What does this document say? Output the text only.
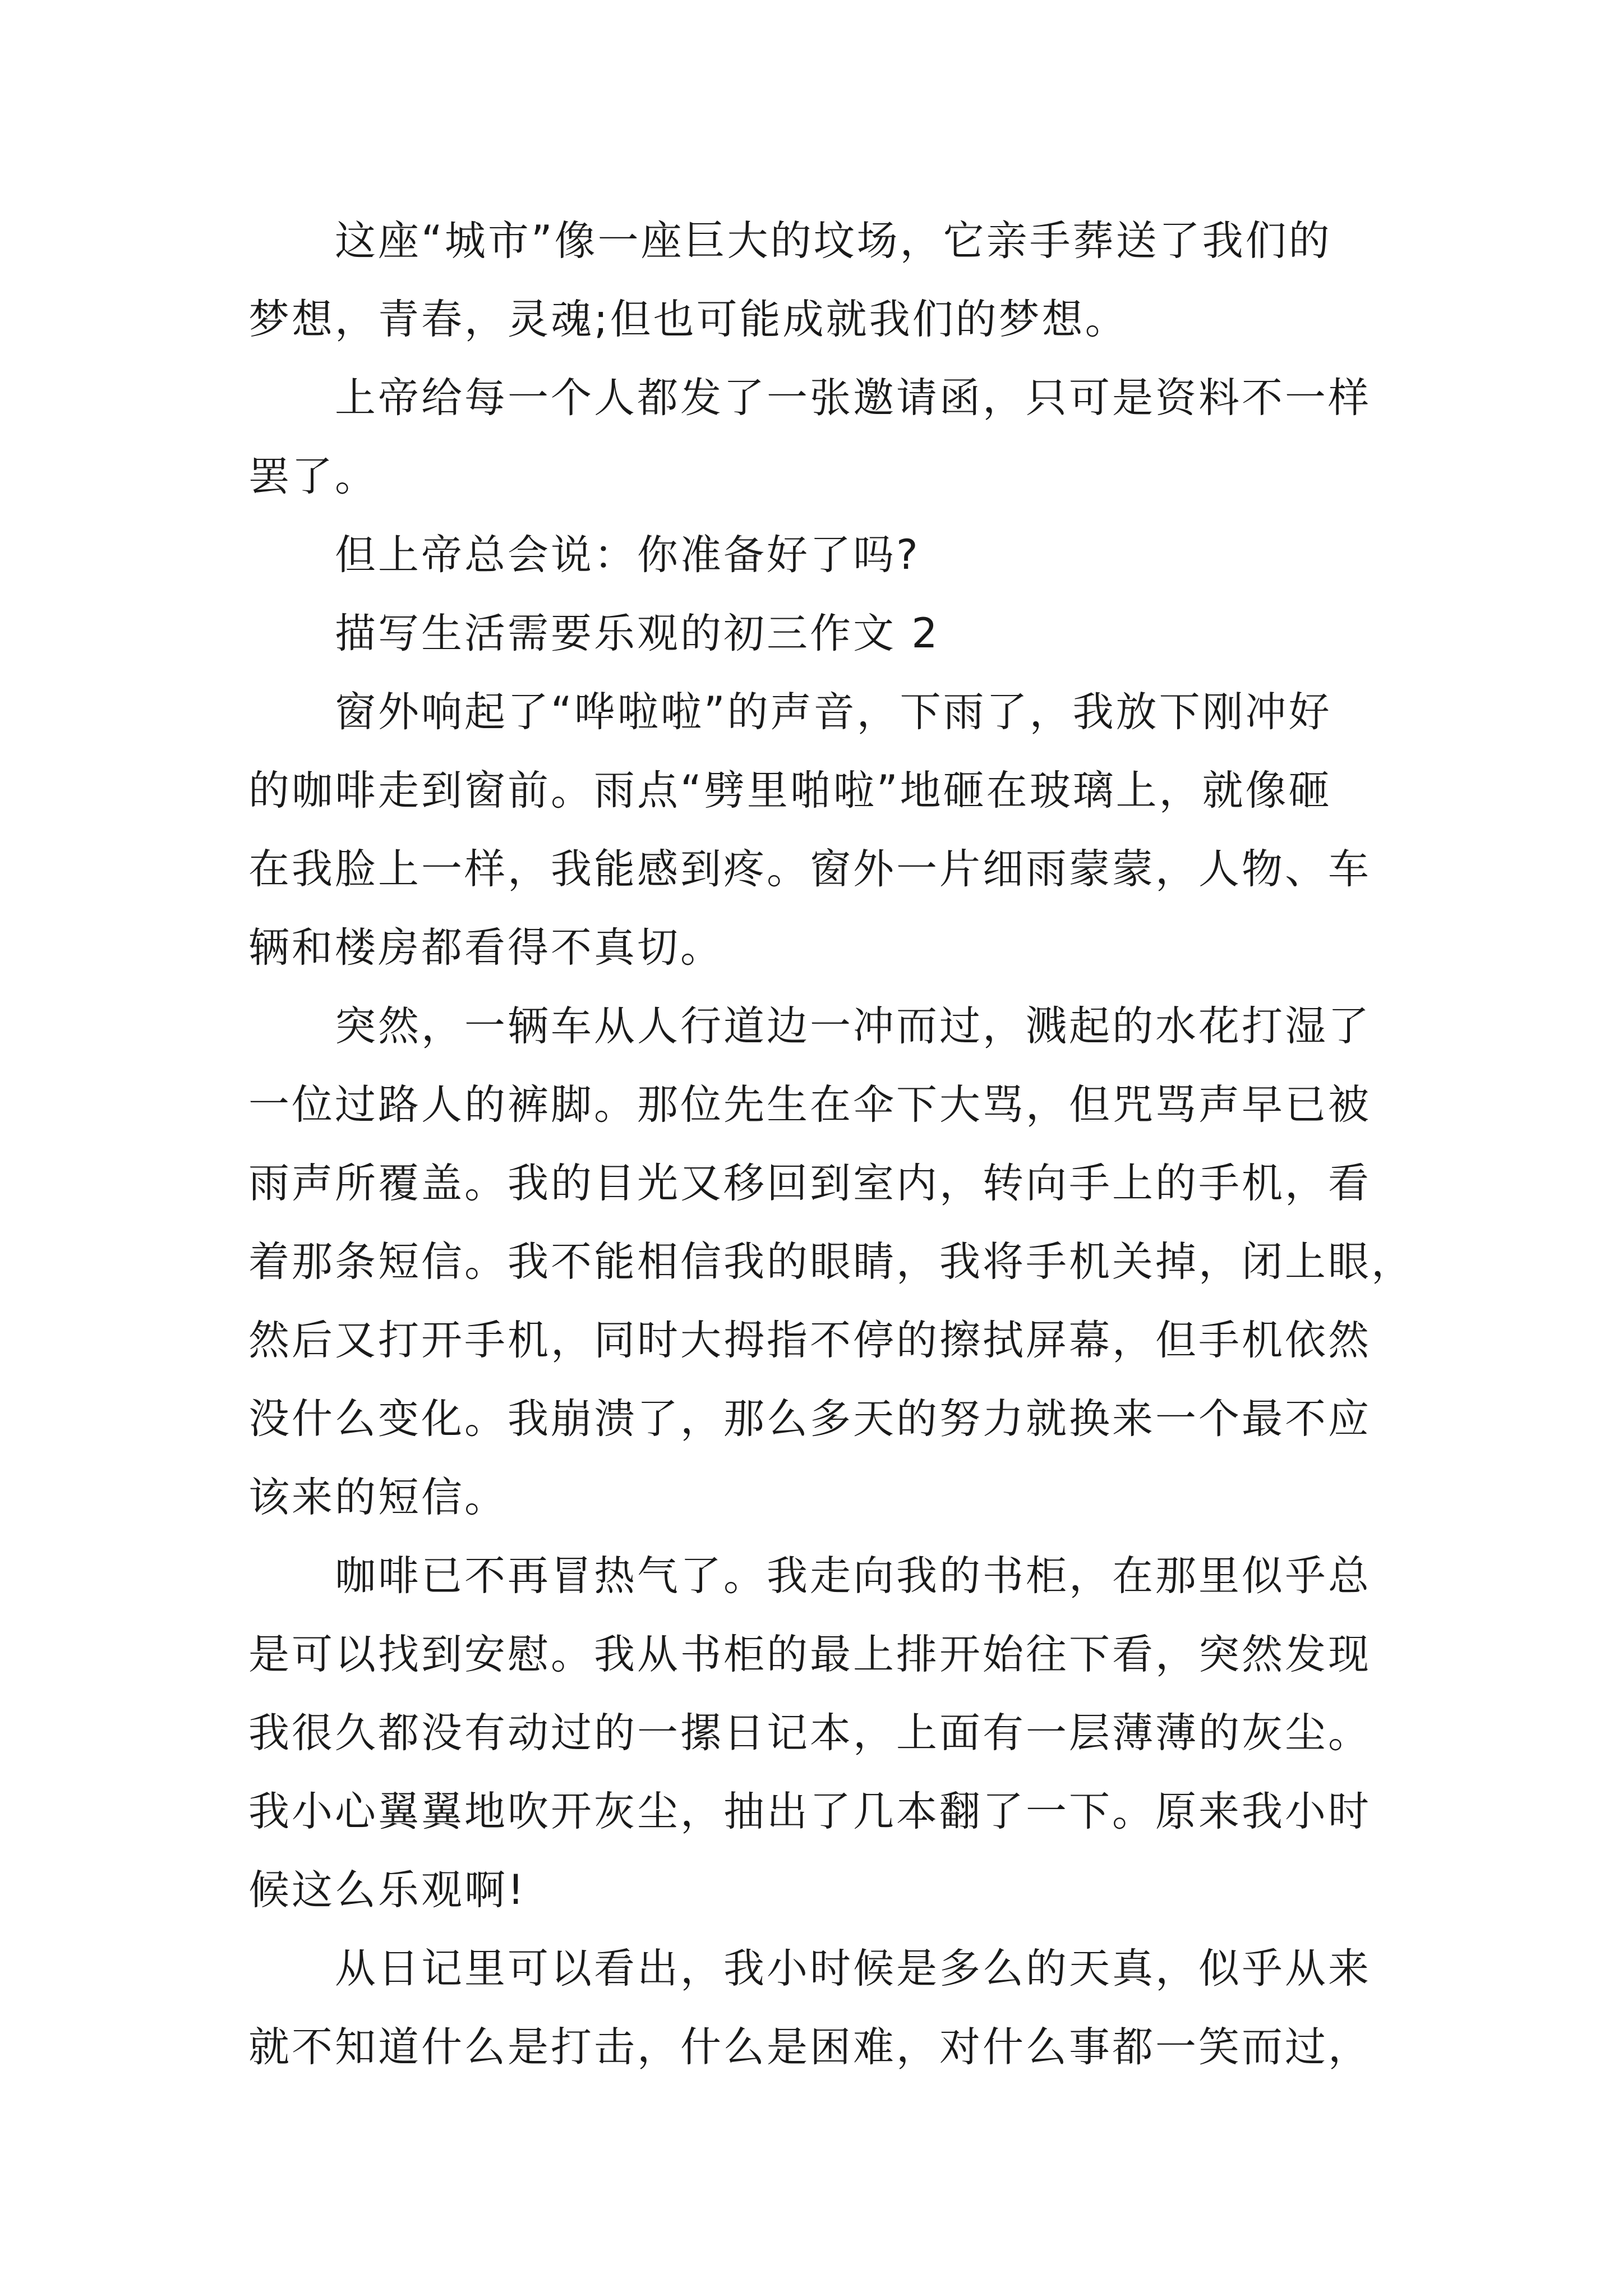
　　这座“城市”像一座巨大的坟场，它亲手葬送了我们的
梦想，青春，灵魂;但也可能成就我们的梦想。
　　上帝给每一个人都发了一张邀请函，只可是资料不一样
罢了。
　　但上帝总会说：你准备好了吗?
　　描写生活需要乐观的初三作文 2
　　窗外响起了“哗啦啦”的声音，下雨了，我放下刚冲好
的咖啡走到窗前。雨点“劈里啪啦”地砸在玻璃上，就像砸
在我脸上一样，我能感到疼。窗外一片细雨蒙蒙，人物、车
辆和楼房都看得不真切。
　　突然，一辆车从人行道边一冲而过，溅起的水花打湿了
一位过路人的裤脚。那位先生在伞下大骂，但咒骂声早已被
雨声所覆盖。我的目光又移回到室内，转向手上的手机，看
着那条短信。我不能相信我的眼睛，我将手机关掉，闭上眼，
然后又打开手机，同时大拇指不停的擦拭屏幕，但手机依然
没什么变化。我崩溃了，那么多天的努力就换来一个最不应
该来的短信。
　　咖啡已不再冒热气了。我走向我的书柜，在那里似乎总
是可以找到安慰。我从书柜的最上排开始往下看，突然发现
我很久都没有动过的一摞日记本，上面有一层薄薄的灰尘。
我小心翼翼地吹开灰尘，抽出了几本翻了一下。原来我小时
候这么乐观啊!
　　从日记里可以看出，我小时候是多么的天真，似乎从来
就不知道什么是打击，什么是困难，对什么事都一笑而过，
